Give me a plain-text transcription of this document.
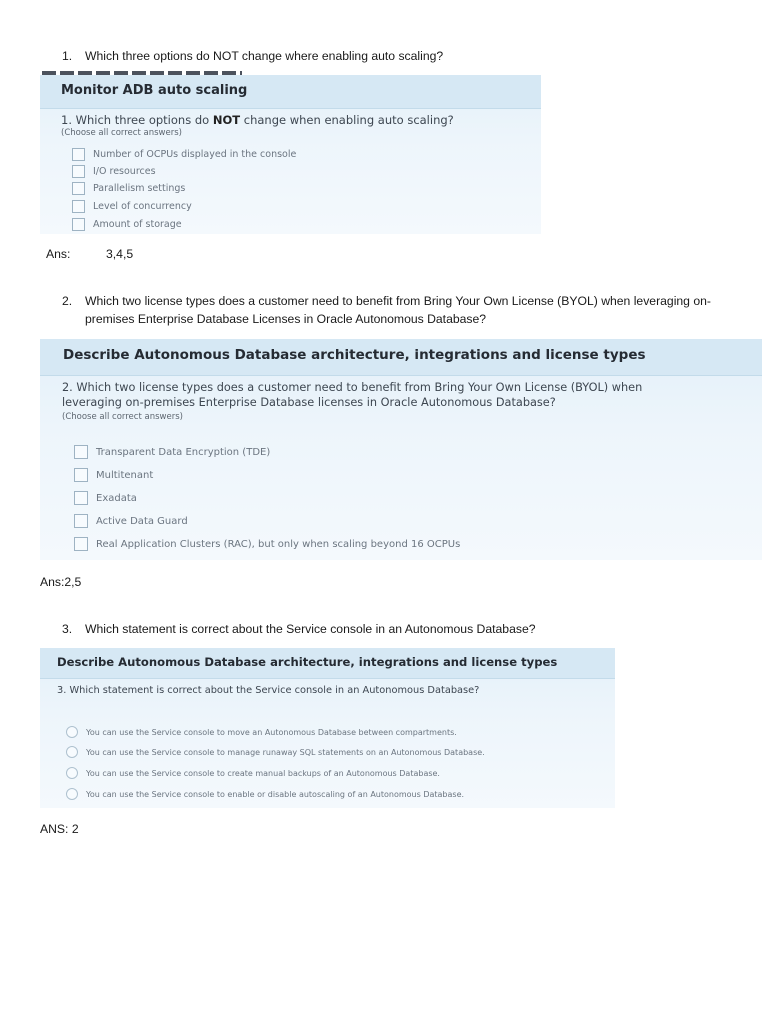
1. Which three options do NOT change where enabling auto scaling?
Monitor ADB auto scaling
1. Which three options do NOT change when enabling auto scaling?
(Choose all correct answers)
Number of OCPUs displayed in the console
I/O resources
Parallelism settings
Level of concurrency
Amount of storage
Ans:	3,4,5
2. Which two license types does a customer need to benefit from Bring Your Own License (BYOL) when leveraging on-
premises Enterprise Database Licenses in Oracle Autonomous Database?
Describe Autonomous Database architecture, integrations and license types
2. Which two license types does a customer need to benefit from Bring Your Own License (BYOL) when
leveraging on-premises Enterprise Database licenses in Oracle Autonomous Database?
(Choose all correct answers)
Transparent Data Encryption (TDE)
Multitenant
Exadata
Active Data Guard
Real Application Clusters (RAC), but only when scaling beyond 16 OCPUs
Ans:2,5
3. Which statement is correct about the Service console in an Autonomous Database?
Describe Autonomous Database architecture, integrations and license types
3. Which statement is correct about the Service console in an Autonomous Database?
You can use the Service console to move an Autonomous Database between compartments.
You can use the Service console to manage runaway SQL statements on an Autonomous Database.
You can use the Service console to create manual backups of an Autonomous Database.
You can use the Service console to enable or disable autoscaling of an Autonomous Database.
ANS: 2
